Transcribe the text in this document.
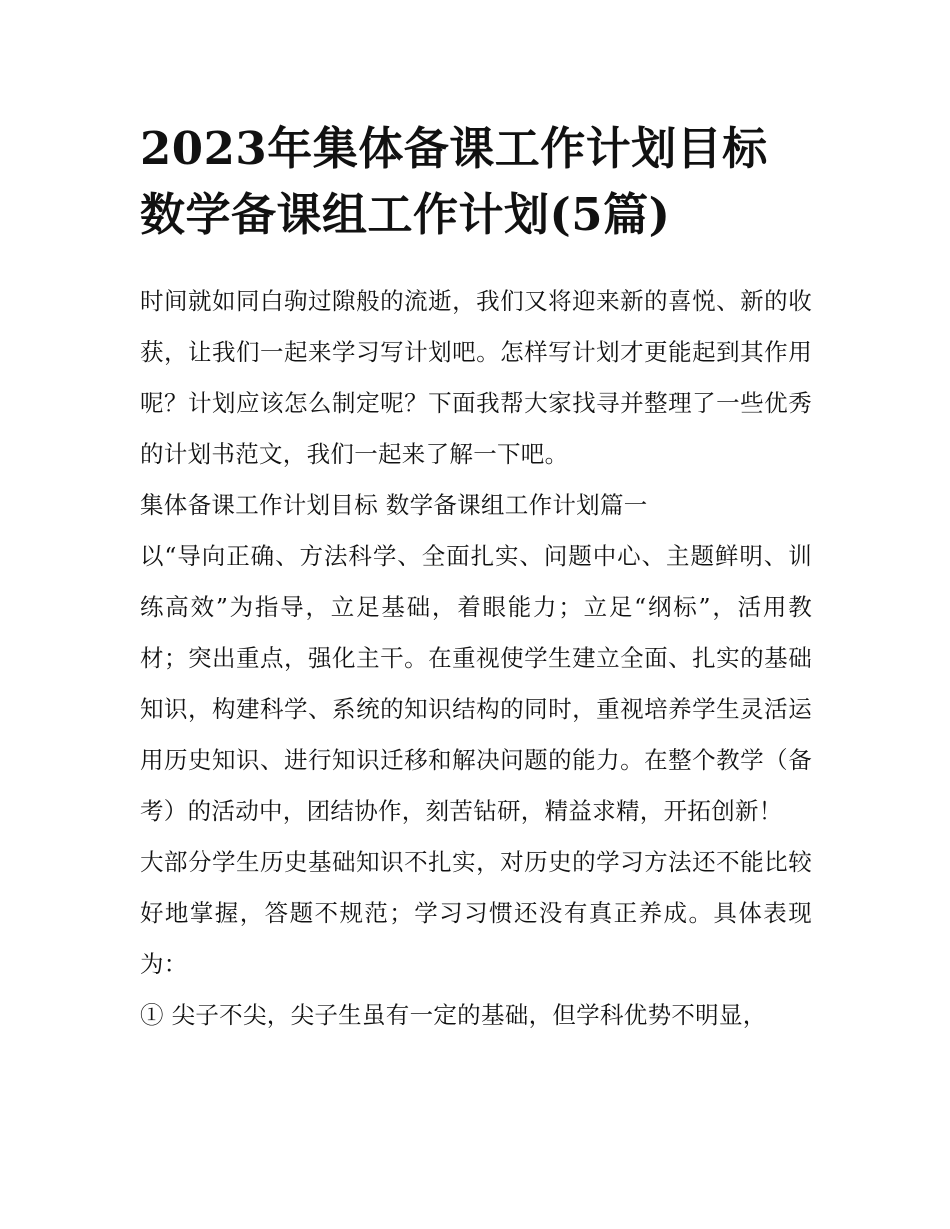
2023年集体备课工作计划目标 数学备课组工作计划(5篇)

时间就如同白驹过隙般的流逝，我们又将迎来新的喜悦、新的收获，让我们一起来学习写计划吧。怎样写计划才更能起到其作用呢？计划应该怎么制定呢？下面我帮大家找寻并整理了一些优秀的计划书范文，我们一起来了解一下吧。

集体备课工作计划目标 数学备课组工作计划篇一

以“导向正确、方法科学、全面扎实、问题中心、主题鲜明、训练高效”为指导，立足基础，着眼能力；立足“纲标”，活用教材；突出重点，强化主干。在重视使学生建立全面、扎实的基础知识，构建科学、系统的知识结构的同时，重视培养学生灵活运用历史知识、进行知识迁移和解决问题的能力。在整个教学（备考）的活动中，团结协作，刻苦钻研，精益求精，开拓创新！

大部分学生历史基础知识不扎实，对历史的学习方法还不能比较好地掌握，答题不规范；学习习惯还没有真正养成。具体表现为：

① 尖子不尖，尖子生虽有一定的基础，但学科优势不明显，
